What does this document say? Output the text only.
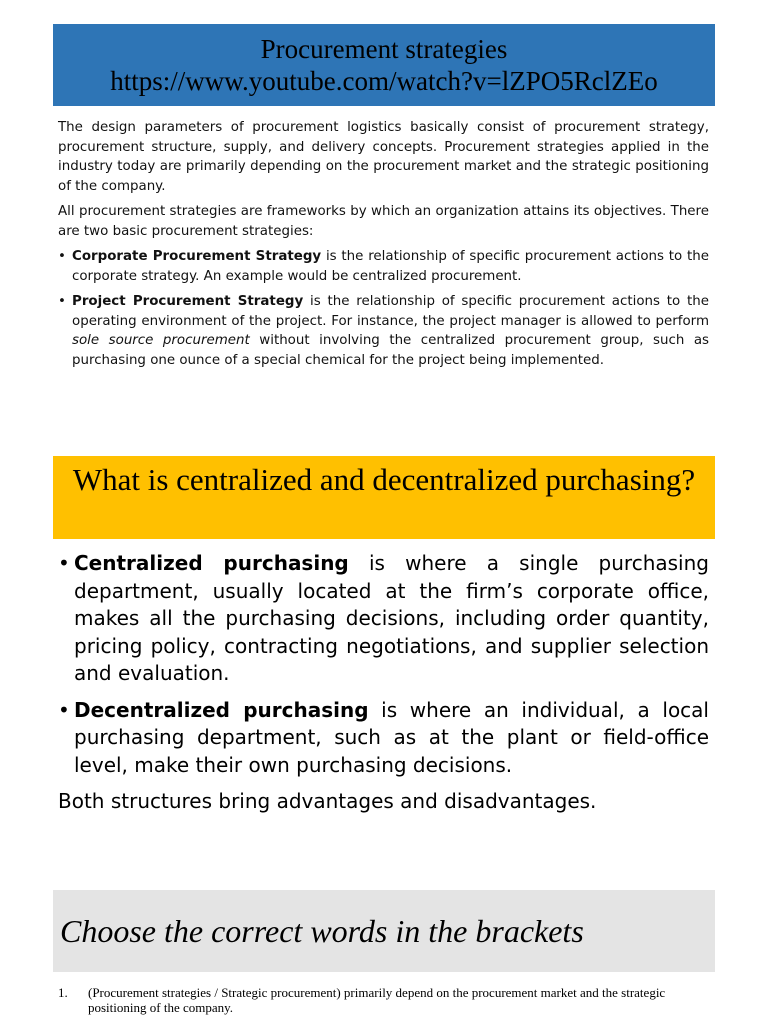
Procurement strategies
https://www.youtube.com/watch?v=lZPO5RclZEo

The design parameters of procurement logistics basically consist of procurement strategy, procurement structure, supply, and delivery concepts. Procurement strategies applied in the industry today are primarily depending on the procurement market and the strategic positioning of the company.

All procurement strategies are frameworks by which an organization attains its objectives. There are two basic procurement strategies:

• Corporate Procurement Strategy is the relationship of specific procurement actions to the corporate strategy. An example would be centralized procurement.
• Project Procurement Strategy is the relationship of specific procurement actions to the operating environment of the project. For instance, the project manager is allowed to perform sole source procurement without involving the centralized procurement group, such as purchasing one ounce of a special chemical for the project being implemented.
What is centralized and decentralized purchasing?
• Centralized purchasing is where a single purchasing department, usually located at the firm’s corporate office, makes all the purchasing decisions, including order quantity, pricing policy, contracting negotiations, and supplier selection and evaluation.
• Decentralized purchasing is where an individual, a local purchasing department, such as at the plant or field-office level, make their own purchasing decisions.

Both structures bring advantages and disadvantages.

Choose the correct words in the brackets
1. (Procurement strategies / Strategic procurement) primarily depend on the procurement market and the strategic positioning of the company.
